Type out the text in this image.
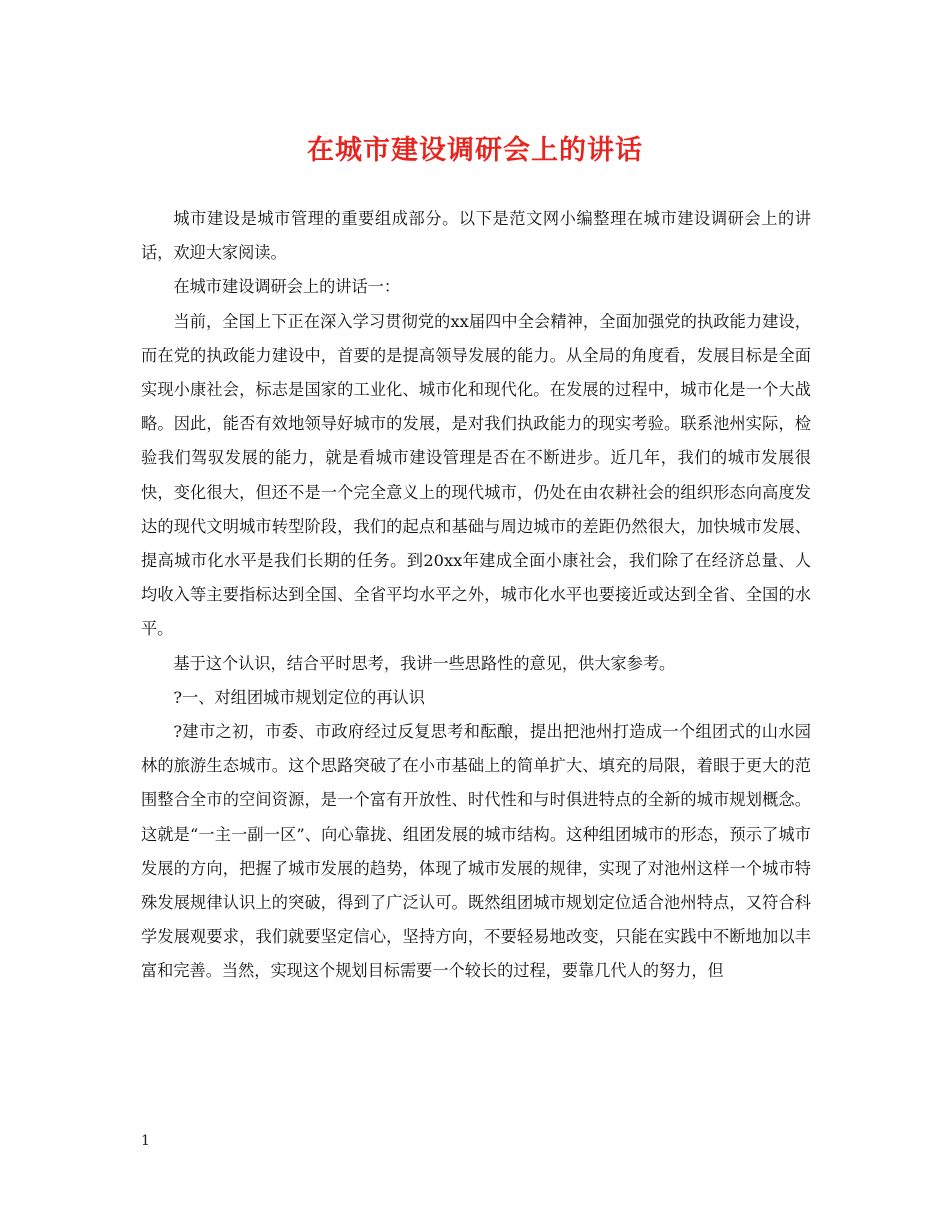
在城市建设调研会上的讲话

城市建设是城市管理的重要组成部分。以下是范文网小编整理在城市建设调研会上的讲话，欢迎大家阅读。

在城市建设调研会上的讲话一：

当前，全国上下正在深入学习贯彻党的xx届四中全会精神，全面加强党的执政能力建设，而在党的执政能力建设中，首要的是提高领导发展的能力。从全局的角度看，发展目标是全面实现小康社会，标志是国家的工业化、城市化和现代化。在发展的过程中，城市化是一个大战略。因此，能否有效地领导好城市的发展，是对我们执政能力的现实考验。联系池州实际，检验我们驾驭发展的能力，就是看城市建设管理是否在不断进步。近几年，我们的城市发展很快，变化很大，但还不是一个完全意义上的现代城市，仍处在由农耕社会的组织形态向高度发达的现代文明城市转型阶段，我们的起点和基础与周边城市的差距仍然很大，加快城市发展、提高城市化水平是我们长期的任务。到20xx年建成全面小康社会，我们除了在经济总量、人均收入等主要指标达到全国、全省平均水平之外，城市化水平也要接近或达到全省、全国的水平。

基于这个认识，结合平时思考，我讲一些思路性的意见，供大家参考。

?一、对组团城市规划定位的再认识

?建市之初，市委、市政府经过反复思考和酝酿，提出把池州打造成一个组团式的山水园林的旅游生态城市。这个思路突破了在小市基础上的简单扩大、填充的局限，着眼于更大的范围整合全市的空间资源，是一个富有开放性、时代性和与时俱进特点的全新的城市规划概念。这就是“一主一副一区”、向心靠拢、组团发展的城市结构。这种组团城市的形态，预示了城市发展的方向，把握了城市发展的趋势，体现了城市发展的规律，实现了对池州这样一个城市特殊发展规律认识上的突破，得到了广泛认可。既然组团城市规划定位适合池州特点，又符合科学发展观要求，我们就要坚定信心，坚持方向，不要轻易地改变，只能在实践中不断地加以丰富和完善。当然，实现这个规划目标需要一个较长的过程，要靠几代人的努力，但

1
